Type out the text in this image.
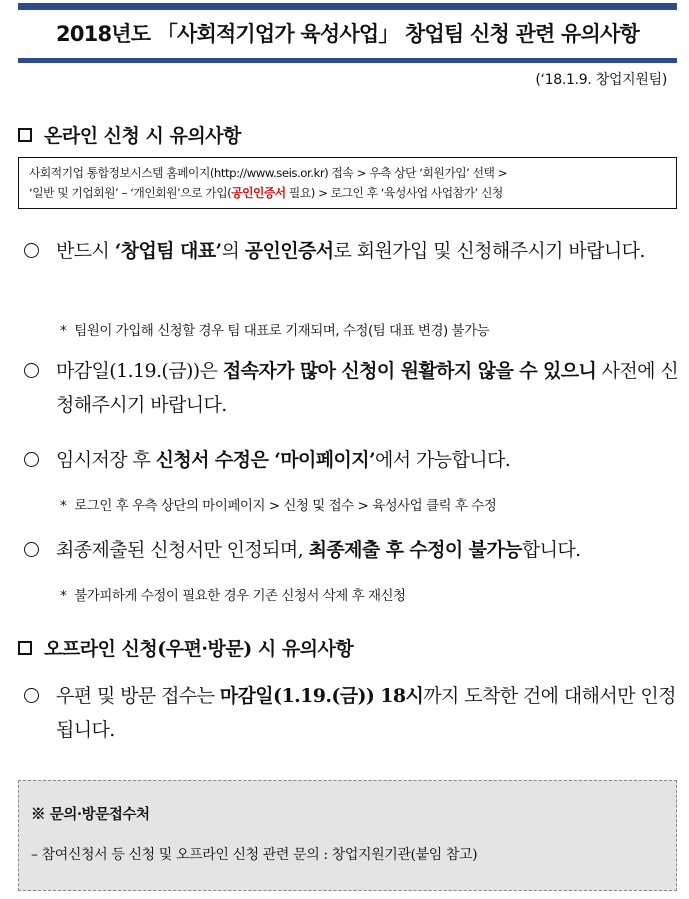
2018년도 「사회적기업가 육성사업」 창업팀 신청 관련 유의사항
(‘18.1.9. 창업지원팀)
온라인 신청 시 유의사항
사회적기업 통합정보시스템 홈페이지(http://www.seis.or.kr) 접속 > 우측 상단 ‘회원가입’ 선택 >
‘일반 및 기업회원’ – ‘개인회원’으로 가입(공인인증서 필요) > 로그인 후 ‘육성사업 사업참가’ 신청
반드시 ‘창업팀 대표’의 공인인증서로 회원가입 및 신청해주시기 바랍니다.
* 팀원이 가입해 신청할 경우 팀 대표로 기재되며, 수정(팀 대표 변경) 불가능
마감일(1.19.(금))은 접속자가 많아 신청이 원활하지 않을 수 있으니 사전에 신청해주시기 바랍니다.
임시저장 후 신청서 수정은 ‘마이페이지’에서 가능합니다.
* 로그인 후 우측 상단의 마이페이지 > 신청 및 접수 > 육성사업 클릭 후 수정
최종제출된 신청서만 인정되며, 최종제출 후 수정이 불가능합니다.
* 불가피하게 수정이 필요한 경우 기존 신청서 삭제 후 재신청
오프라인 신청(우편·방문) 시 유의사항
우편 및 방문 접수는 마감일(1.19.(금)) 18시까지 도착한 건에 대해서만 인정됩니다.
※ 문의·방문접수처
– 참여신청서 등 신청 및 오프라인 신청 관련 문의 : 창업지원기관(붙임 참고)
